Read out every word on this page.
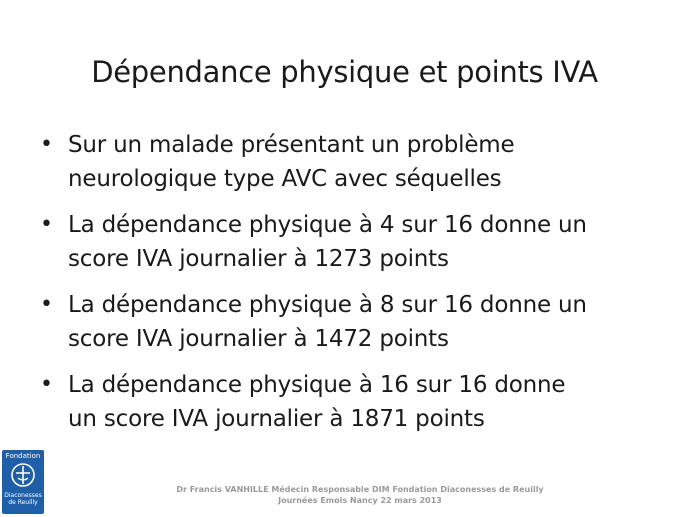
Dépendance physique et points IVA
• Sur un malade présentant un problème
neurologique type AVC avec séquelles
• La dépendance physique à 4 sur 16 donne un
score IVA journalier à 1273 points
• La dépendance physique à 8 sur 16 donne un
score IVA journalier à 1472 points
• La dépendance physique à 16 sur 16 donne
un score IVA journalier à 1871 points
Fondation
Diaconesses
de Reuilly
Dr Francis VANHILLE Médecin Responsable DIM Fondation Diaconesses de Reuilly
Journées Emois Nancy 22 mars 2013
